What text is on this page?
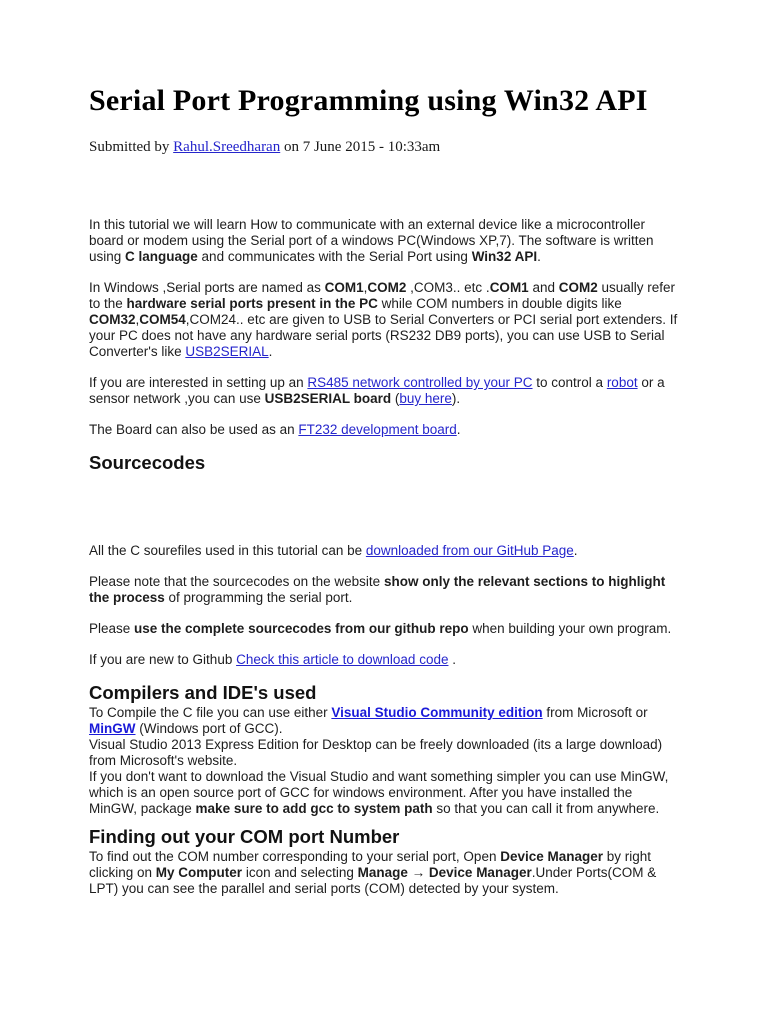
Serial Port Programming using Win32 API

Submitted by Rahul.Sreedharan on 7 June 2015 - 10:33am

In this tutorial we will learn How to communicate with an external device like a microcontroller board or modem using the Serial port of a windows PC(Windows XP,7). The software is written using C language and communicates with the Serial Port using Win32 API.

In Windows ,Serial ports are named as COM1,COM2 ,COM3.. etc .COM1 and COM2 usually refer to the hardware serial ports present in the PC while COM numbers in double digits like COM32,COM54,COM24.. etc are given to USB to Serial Converters or PCI serial port extenders. If your PC does not have any hardware serial ports (RS232 DB9 ports), you can use USB to Serial Converter's like USB2SERIAL.

If you are interested in setting up an RS485 network controlled by your PC to control a robot or a sensor network ,you can use USB2SERIAL board (buy here).

The Board can also be used as an FT232 development board.

Sourcecodes

All the C sourefiles used in this tutorial can be downloaded from our GitHub Page.

Please note that the sourcecodes on the website show only the relevant sections to highlight the process of programming the serial port.

Please use the complete sourcecodes from our github repo when building your own program.

If you are new to Github Check this article to download code .

Compilers and IDE's used

To Compile the C file you can use either Visual Studio Community edition from Microsoft or MinGW (Windows port of GCC).

Visual Studio 2013 Express Edition for Desktop can be freely downloaded (its a large download) from Microsoft's website.

If you don't want to download the Visual Studio and want something simpler you can use MinGW, which is an open source port of GCC for windows environment. After you have installed the MinGW, package make sure to add gcc to system path so that you can call it from anywhere.

Finding out your COM port Number

To find out the COM number corresponding to your serial port, Open Device Manager by right clicking on My Computer icon and selecting Manage → Device Manager.Under Ports(COM & LPT) you can see the parallel and serial ports (COM) detected by your system.
